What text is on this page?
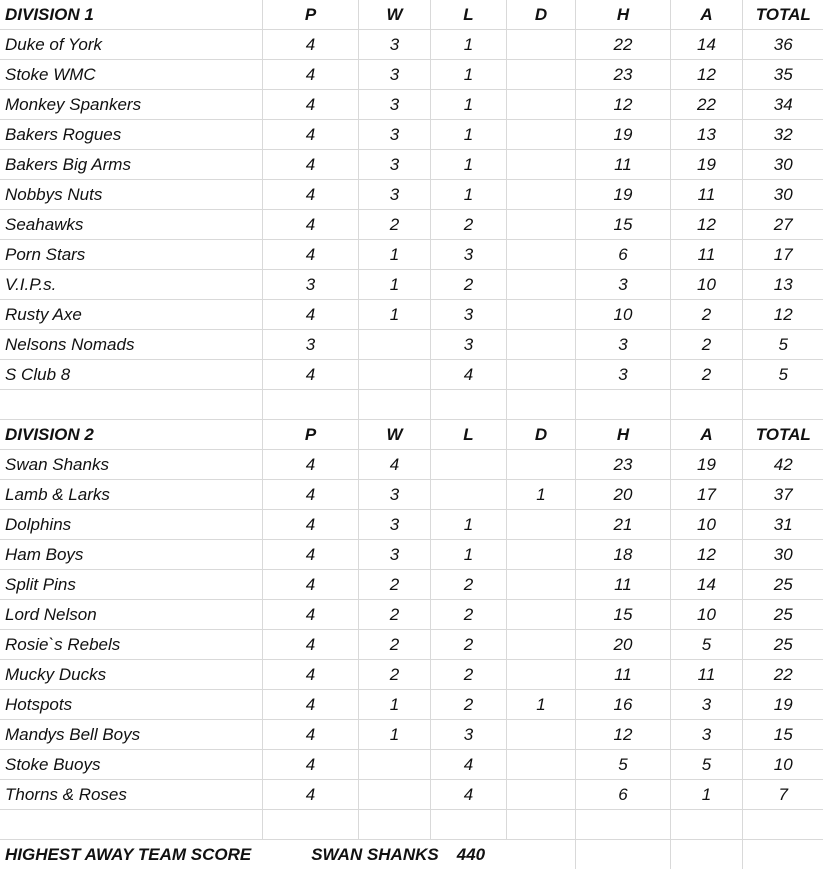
DIVISION 1	P	W	L	D	H	A	TOTAL
Duke of York	4	3	1		22	14	36
Stoke WMC	4	3	1		23	12	35
Monkey Spankers	4	3	1		12	22	34
Bakers Rogues	4	3	1		19	13	32
Bakers Big Arms	4	3	1		11	19	30
Nobbys Nuts	4	3	1		19	11	30
Seahawks	4	2	2		15	12	27
Porn Stars	4	1	3		6	11	17
V.I.P.s.	3	1	2		3	10	13
Rusty Axe	4	1	3		10	2	12
Nelsons Nomads	3		3		3	2	5
S Club 8	4		4		3	2	5

DIVISION 2	P	W	L	D	H	A	TOTAL
Swan Shanks	4	4			23	19	42
Lamb & Larks	4	3		1	20	17	37
Dolphins	4	3	1		21	10	31
Ham Boys	4	3	1		18	12	30
Split Pins	4	2	2		11	14	25
Lord Nelson	4	2	2		15	10	25
Rosie`s Rebels	4	2	2		20	5	25
Mucky Ducks	4	2	2		11	11	22
Hotspots	4	1	2	1	16	3	19
Mandys Bell Boys	4	1	3		12	3	15
Stoke Buoys	4		4		5	5	10
Thorns & Roses	4		4		6	1	7

HIGHEST AWAY TEAM SCORE SWAN SHANKS 440							
